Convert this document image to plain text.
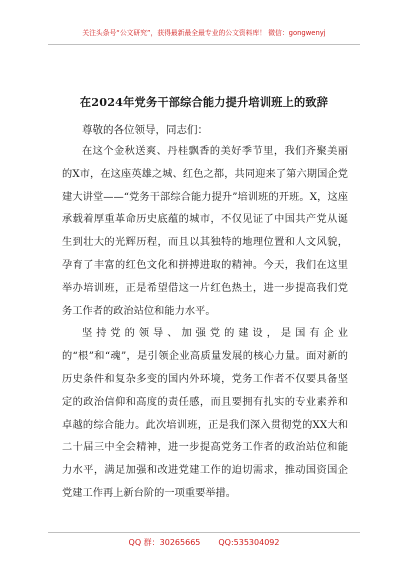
关注头条号“公文研究”，获得最新最全最专业的公文资料库！ 微信：gongwenyj
在2024年党务干部综合能力提升培训班上的致辞

尊敬的各位领导，同志们：

在这个金秋送爽、丹桂飘香的美好季节里，我们齐聚美丽的X市，在这座英雄之城、红色之都，共同迎来了第六期国企党建大讲堂——“党务干部综合能力提升”培训班的开班。X，这座承载着厚重革命历史底蕴的城市，不仅见证了中国共产党从诞生到壮大的光辉历程，而且以其独特的地理位置和人文风貌，孕育了丰富的红色文化和拼搏进取的精神。今天，我们在这里举办培训班，正是希望借这一片红色热土，进一步提高我们党务工作者的政治站位和能力水平。

坚持党的领导、加强党的建设，是国有企业的“根”和“魂”，是引领企业高质量发展的核心力量。面对新的历史条件和复杂多变的国内外环境，党务工作者不仅要具备坚定的政治信仰和高度的责任感，而且要拥有扎实的专业素养和卓越的综合能力。此次培训班，正是我们深入贯彻党的XX大和二十届三中全会精神，进一步提高党务工作者的政治站位和能力水平，满足加强和改进党建工作的迫切需求，推动国资国企党建工作再上新台阶的一项重要举措。

QQ 群：30265665 QQ:535304092
